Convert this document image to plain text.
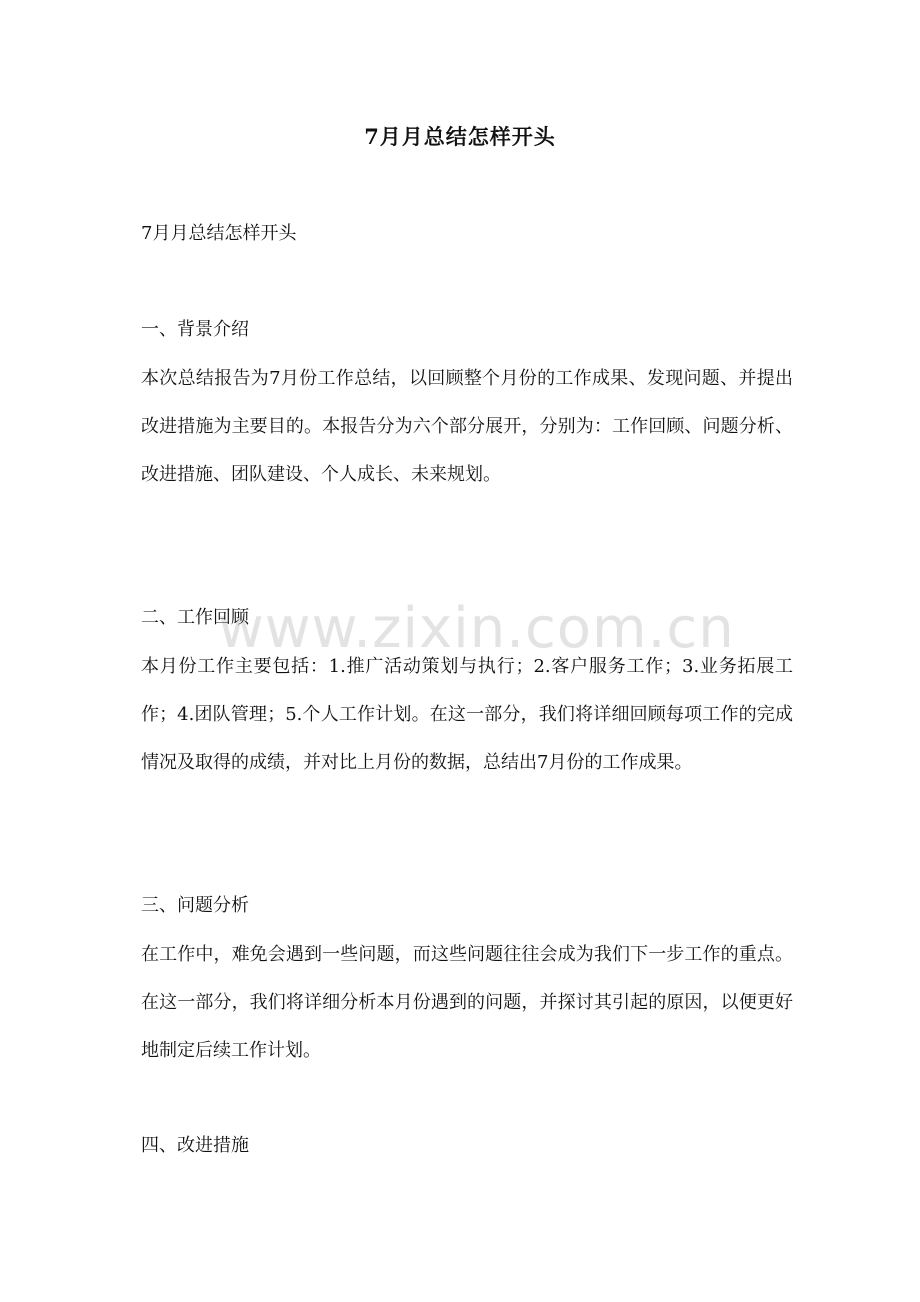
www.zixin.com.cn
7月月总结怎样开头
7月月总结怎样开头
一、背景介绍
本次总结报告为7月份工作总结，以回顾整个月份的工作成果、发现问题、并提出改进措施为主要目的。本报告分为六个部分展开，分别为：工作回顾、问题分析、改进措施、团队建设、个人成长、未来规划。
二、工作回顾
本月份工作主要包括：1.推广活动策划与执行；2.客户服务工作；3.业务拓展工作；4.团队管理；5.个人工作计划。在这一部分，我们将详细回顾每项工作的完成情况及取得的成绩，并对比上月份的数据，总结出7月份的工作成果。
三、问题分析
在工作中，难免会遇到一些问题，而这些问题往往会成为我们下一步工作的重点。在这一部分，我们将详细分析本月份遇到的问题，并探讨其引起的原因，以便更好地制定后续工作计划。
四、改进措施
